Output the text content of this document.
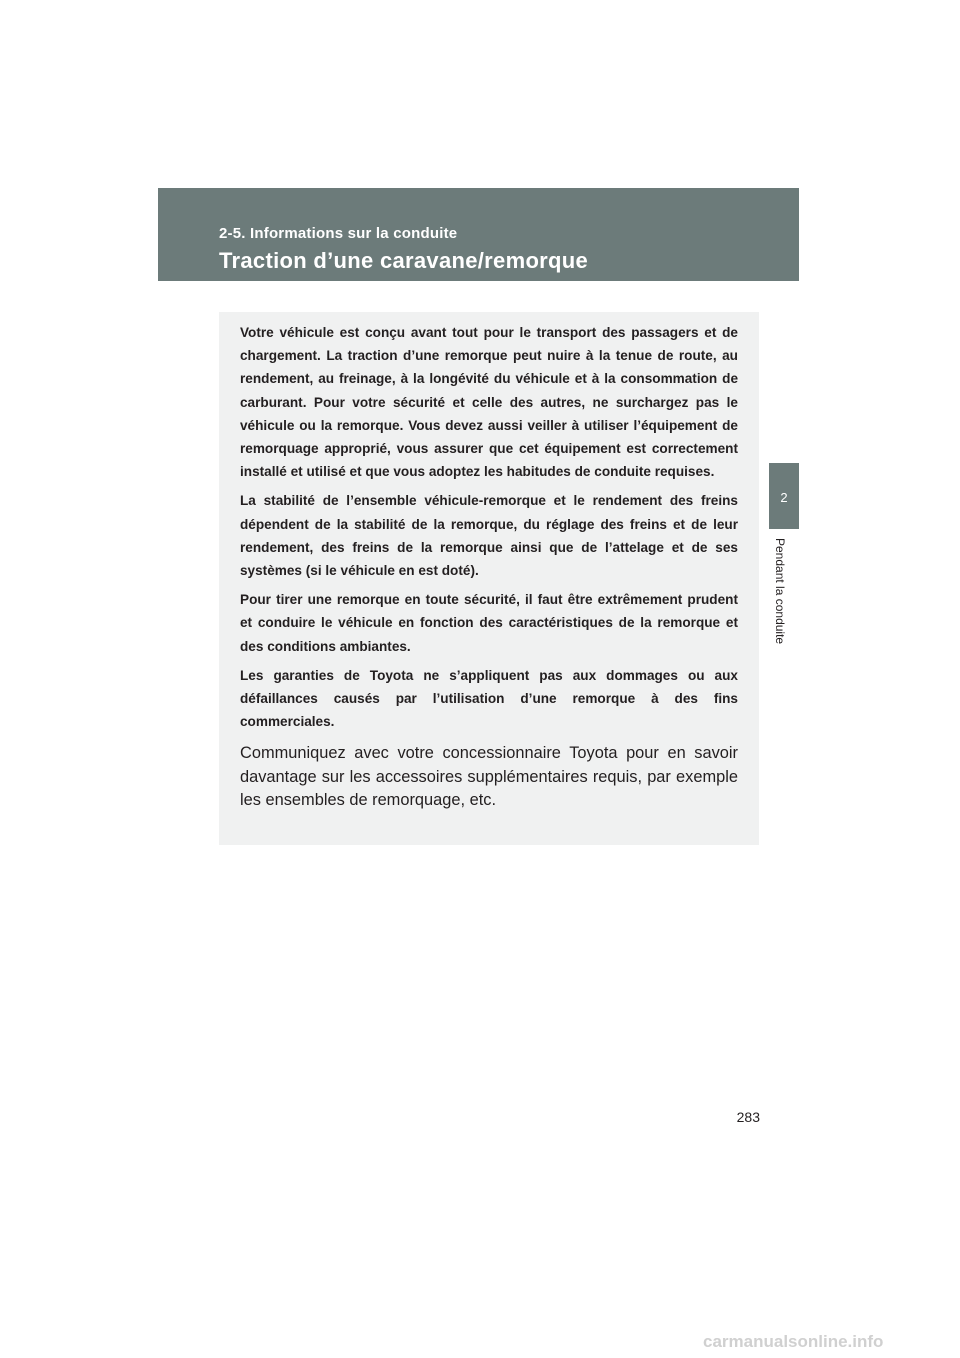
2-5. Informations sur la conduite
Traction d’une caravane/remorque
2
Pendant la conduite

Votre véhicule est conçu avant tout pour le transport des passagers et de chargement. La traction d’une remorque peut nuire à la tenue de route, au rendement, au freinage, à la longévité du véhicule et à la consommation de carburant. Pour votre sécurité et celle des autres, ne surchargez pas le véhicule ou la remorque. Vous devez aussi veiller à utiliser l’équipement de remorquage approprié, vous assurer que cet équipement est correctement installé et utilisé et que vous adoptez les habitudes de conduite requises.

La stabilité de l’ensemble véhicule-remorque et le rendement des freins dépendent de la stabilité de la remorque, du réglage des freins et de leur rendement, des freins de la remorque ainsi que de l’attelage et de ses systèmes (si le véhicule en est doté).

Pour tirer une remorque en toute sécurité, il faut être extrêmement prudent et conduire le véhicule en fonction des caractéristiques de la remorque et des conditions ambiantes.

Les garanties de Toyota ne s’appliquent pas aux dommages ou aux défaillances causés par l’utilisation d’une remorque à des fins commerciales.

Communiquez avec votre concessionnaire Toyota pour en savoir davantage sur les accessoires supplémentaires requis, par exemple les ensembles de remorquage, etc.

283
carmanualsonline.info
